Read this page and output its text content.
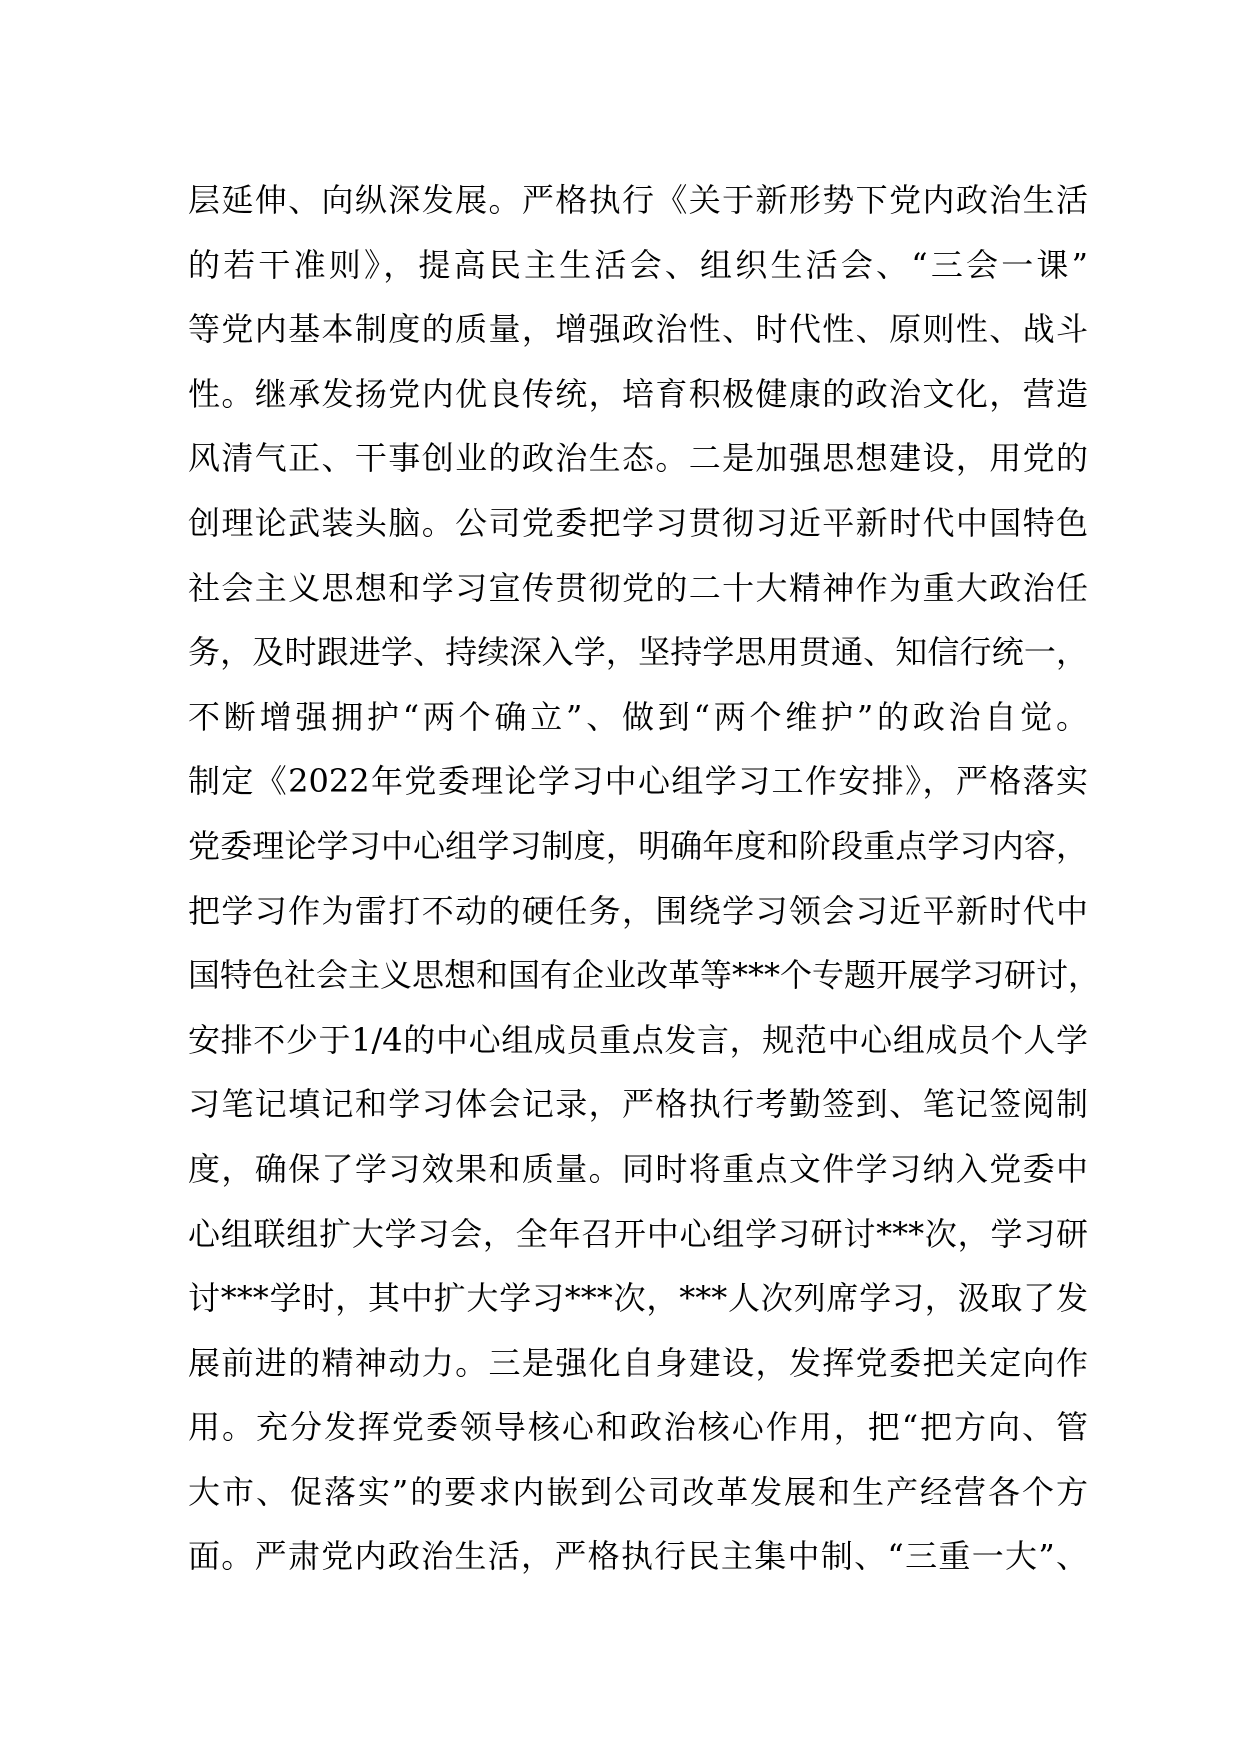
层延伸、向纵深发展。严格执行《关于新形势下党内政治生活
的若干准则》，提高民主生活会、组织生活会、“三会一课”
等党内基本制度的质量，增强政治性、时代性、原则性、战斗
性。继承发扬党内优良传统，培育积极健康的政治文化，营造
风清气正、干事创业的政治生态。二是加强思想建设，用党的
创理论武装头脑。公司党委把学习贯彻习近平新时代中国特色
社会主义思想和学习宣传贯彻党的二十大精神作为重大政治任
务，及时跟进学、持续深入学，坚持学思用贯通、知信行统一，
不断增强拥护“两个确立”、做到“两个维护”的政治自觉。
制定《2022年党委理论学习中心组学习工作安排》，严格落实
党委理论学习中心组学习制度，明确年度和阶段重点学习内容，
把学习作为雷打不动的硬任务，围绕学习领会习近平新时代中
国特色社会主义思想和国有企业改革等***个专题开展学习研讨，
安排不少于1/4的中心组成员重点发言，规范中心组成员个人学
习笔记填记和学习体会记录，严格执行考勤签到、笔记签阅制
度，确保了学习效果和质量。同时将重点文件学习纳入党委中
心组联组扩大学习会，全年召开中心组学习研讨***次，学习研
讨***学时，其中扩大学习***次，***人次列席学习，汲取了发
展前进的精神动力。三是强化自身建设，发挥党委把关定向作
用。充分发挥党委领导核心和政治核心作用，把“把方向、管
大市、促落实”的要求内嵌到公司改革发展和生产经营各个方
面。严肃党内政治生活，严格执行民主集中制、“三重一大”、
